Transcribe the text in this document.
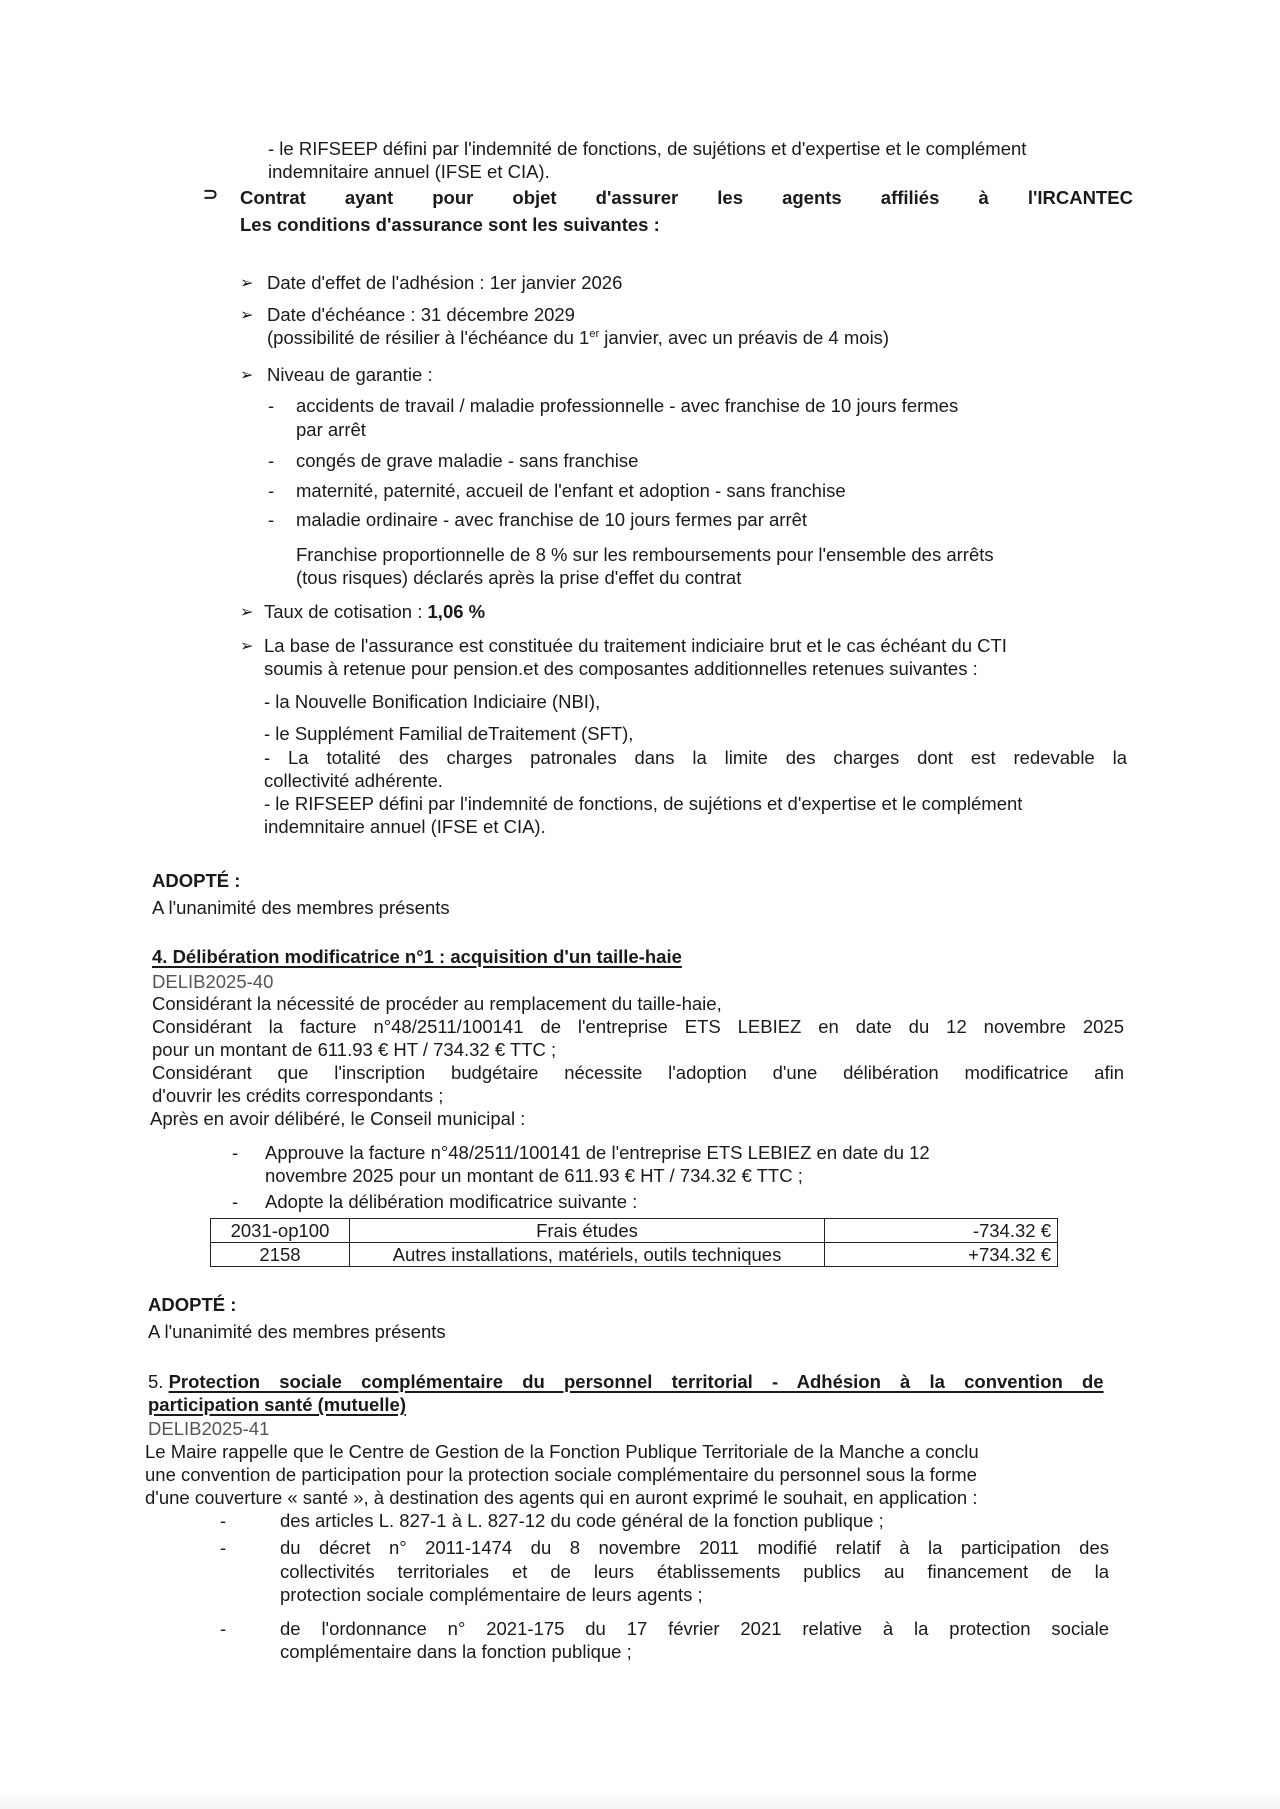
- le RIFSEEP défini par l'indemnité de fonctions, de sujétions et d'expertise et le complément
indemnitaire annuel (IFSE et CIA).
⊃ Contrat ayant pour objet d'assurer les agents affiliés à l'IRCANTEC
Les conditions d'assurance sont les suivantes :
➢ Date d'effet de l'adhésion : 1er janvier 2026
➢ Date d'échéance : 31 décembre 2029
(possibilité de résilier à l'échéance du 1er janvier, avec un préavis de 4 mois)
➢ Niveau de garantie :
- accidents de travail / maladie professionnelle - avec franchise de 10 jours fermes
par arrêt
- congés de grave maladie - sans franchise
- maternité, paternité, accueil de l'enfant et adoption - sans franchise
- maladie ordinaire - avec franchise de 10 jours fermes par arrêt
Franchise proportionnelle de 8 % sur les remboursements pour l'ensemble des arrêts
(tous risques) déclarés après la prise d'effet du contrat
➢ Taux de cotisation : 1,06 %
➢ La base de l'assurance est constituée du traitement indiciaire brut et le cas échéant du CTI
soumis à retenue pour pension.et des composantes additionnelles retenues suivantes :
- la Nouvelle Bonification Indiciaire (NBI),
- le Supplément Familial deTraitement (SFT),
- La totalité des charges patronales dans la limite des charges dont est redevable la
collectivité adhérente.
- le RIFSEEP défini par l'indemnité de fonctions, de sujétions et d'expertise et le complément
indemnitaire annuel (IFSE et CIA).
ADOPTÉ :
A l'unanimité des membres présents
4. Délibération modificatrice n°1 : acquisition d'un taille-haie
DELIB2025-40
Considérant la nécessité de procéder au remplacement du taille-haie,
Considérant la facture n°48/2511/100141 de l'entreprise ETS LEBIEZ en date du 12 novembre 2025
pour un montant de 611.93 € HT / 734.32 € TTC ;
Considérant que l'inscription budgétaire nécessite l'adoption d'une délibération modificatrice afin
d'ouvrir les crédits correspondants ;
Après en avoir délibéré, le Conseil municipal :
- Approuve la facture n°48/2511/100141 de l'entreprise ETS LEBIEZ en date du 12
novembre 2025 pour un montant de 611.93 € HT / 734.32 € TTC ;
- Adopte la délibération modificatrice suivante :
2031-op100	Frais études	-734.32 €
2158	Autres installations, matériels, outils techniques	+734.32 €
ADOPTÉ :
A l'unanimité des membres présents
5. Protection sociale complémentaire du personnel territorial - Adhésion à la convention de
participation santé (mutuelle)
DELIB2025-41
Le Maire rappelle que le Centre de Gestion de la Fonction Publique Territoriale de la Manche a conclu
une convention de participation pour la protection sociale complémentaire du personnel sous la forme
d'une couverture « santé », à destination des agents qui en auront exprimé le souhait, en application :
-	des articles L. 827-1 à L. 827-12 du code général de la fonction publique ;
-	du décret n° 2011-1474 du 8 novembre 2011 modifié relatif à la participation des
collectivités territoriales et de leurs établissements publics au financement de la
protection sociale complémentaire de leurs agents ;
-	de l'ordonnance n° 2021-175 du 17 février 2021 relative à la protection sociale
complémentaire dans la fonction publique ;
